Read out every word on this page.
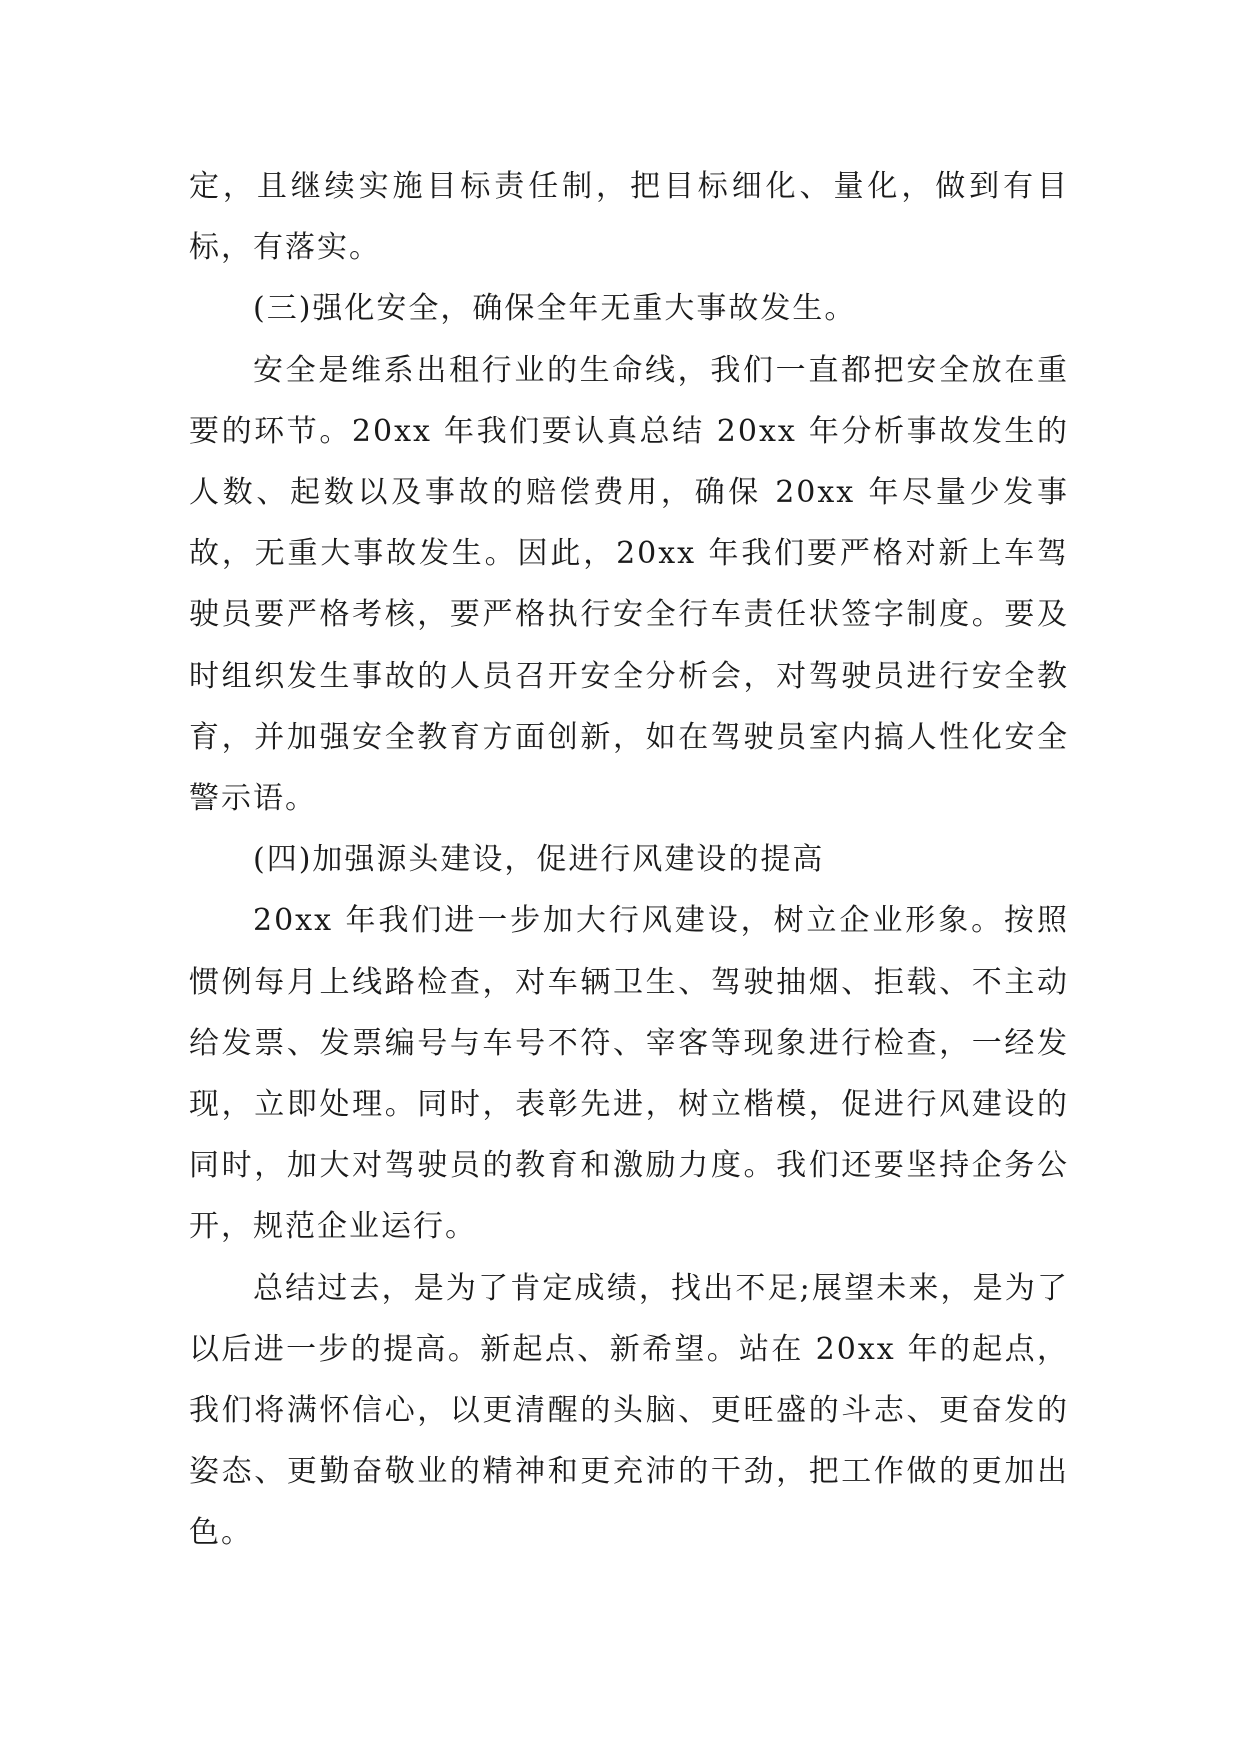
定，且继续实施目标责任制，把目标细化、量化，做到有目标，有落实。

(三)强化安全，确保全年无重大事故发生。

安全是维系出租行业的生命线，我们一直都把安全放在重要的环节。20xx 年我们要认真总结 20xx 年分析事故发生的人数、起数以及事故的赔偿费用，确保 20xx 年尽量少发事故，无重大事故发生。因此，20xx 年我们要严格对新上车驾驶员要严格考核，要严格执行安全行车责任状签字制度。要及时组织发生事故的人员召开安全分析会，对驾驶员进行安全教育，并加强安全教育方面创新，如在驾驶员室内搞人性化安全警示语。

(四)加强源头建设，促进行风建设的提高

20xx 年我们进一步加大行风建设，树立企业形象。按照惯例每月上线路检查，对车辆卫生、驾驶抽烟、拒载、不主动给发票、发票编号与车号不符、宰客等现象进行检查，一经发现，立即处理。同时，表彰先进，树立楷模，促进行风建设的同时，加大对驾驶员的教育和激励力度。我们还要坚持企务公开，规范企业运行。

总结过去，是为了肯定成绩，找出不足;展望未来，是为了以后进一步的提高。新起点、新希望。站在 20xx 年的起点，我们将满怀信心，以更清醒的头脑、更旺盛的斗志、更奋发的姿态、更勤奋敬业的精神和更充沛的干劲，把工作做的更加出色。
